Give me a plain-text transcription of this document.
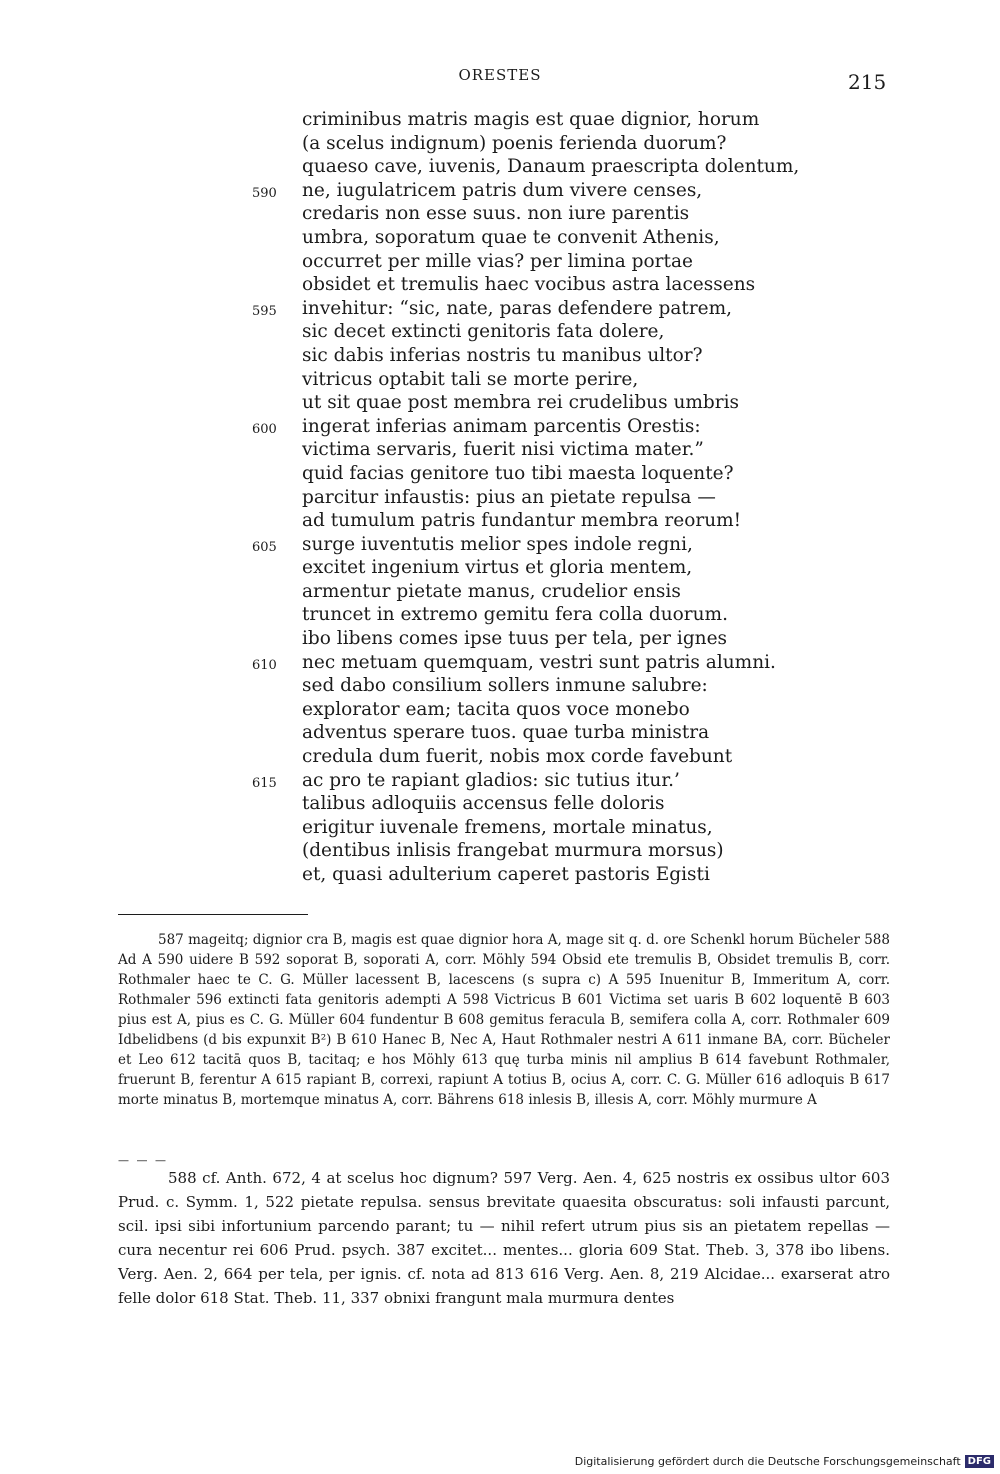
ORESTES	215
criminibus matris magis est quae dignior, horum
(a scelus indignum) poenis ferienda duorum?
quaeso cave, iuvenis, Danaum praescripta dolentum,
590 ne, iugulatricem patris dum vivere censes,
credaris non esse suus. non iure parentis
umbra, soporatum quae te convenit Athenis,
occurret per mille vias? per limina portae
obsidet et tremulis haec vocibus astra lacessens
595 invehitur: “sic, nate, paras defendere patrem,
sic decet extincti genitoris fata dolere,
sic dabis inferias nostris tu manibus ultor?
vitricus optabit tali se morte perire,
ut sit quae post membra rei crudelibus umbris
600 ingerat inferias animam parcentis Orestis:
victima servaris, fuerit nisi victima mater.”
quid facias genitore tuo tibi maesta loquente?
parcitur infaustis: pius an pietate repulsa —
ad tumulum patris fundantur membra reorum!
605 surge iuventutis melior spes indole regni,
excitet ingenium virtus et gloria mentem,
armentur pietate manus, crudelior ensis
truncet in extremo gemitu fera colla duorum.
ibo libens comes ipse tuus per tela, per ignes
610 nec metuam quemquam, vestri sunt patris alumni.
sed dabo consilium sollers inmune salubre:
explorator eam; tacita quos voce monebo
adventus sperare tuos. quae turba ministra
credula dum fuerit, nobis mox corde favebunt
615 ac pro te rapiant gladios: sic tutius itur.’
talibus adloquiis accensus felle doloris
erigitur iuvenale fremens, mortale minatus,
(dentibus inlisis frangebat murmura morsus)
et, quasi adulterium caperet pastoris Egisti

587 mageitq; dignior cra B, magis est quae dignior hora A, mage sit q. d. ore Schenkl horum Bücheler 588 Ad A 590 uidere B 592 soporat B, soporati A, corr. Möhly 594 Obsid ete tremulis B, Obsidet tremulis B, corr. Rothmaler haec te C. G. Müller lacessent B, lacescens (s supra c) A 595 Inuenitur B, Immeritum A, corr. Rothmaler 596 extincti fata genitoris adempti A 598 Victricus B 601 Victima set uaris B 602 loquentē B 603 pius est A, pius es C. G. Müller 604 fundentur B 608 gemitus feracula B, semifera colla A, corr. Rothmaler 609 Idbelidbens (d bis expunxit B²) B 610 Hanec B, Nec A, Haut Rothmaler nestri A 611 inmane BA, corr. Bücheler et Leo 612 tacitā quos B, tacitaq; e hos Möhly 613 quę turba minis nil amplius B 614 favebunt Rothmaler, fruerunt B, ferentur A 615 rapiant B, correxi, rapiunt A totius B, ocius A, corr. C. G. Müller 616 adloquis B 617 morte minatus B, mortemque minatus A, corr. Bährens 618 inlesis B, illesis A, corr. Möhly murmure A

— — —

588 cf. Anth. 672, 4 at scelus hoc dignum? 597 Verg. Aen. 4, 625 nostris ex ossibus ultor 603 Prud. c. Symm. 1, 522 pietate repulsa. sensus brevitate quaesita obscuratus: soli infausti parcunt, scil. ipsi sibi infortunium parcendo parant; tu — nihil refert utrum pius sis an pietatem repellas — cura necentur rei 606 Prud. psych. 387 excitet... mentes... gloria 609 Stat. Theb. 3, 378 ibo libens. Verg. Aen. 2, 664 per tela, per ignis. cf. nota ad 813 616 Verg. Aen. 8, 219 Alcidae... exarserat atro felle dolor 618 Stat. Theb. 11, 337 obnixi frangunt mala murmura dentes

Digitalisierung gefördert durch die Deutsche Forschungsgemeinschaft DFG
